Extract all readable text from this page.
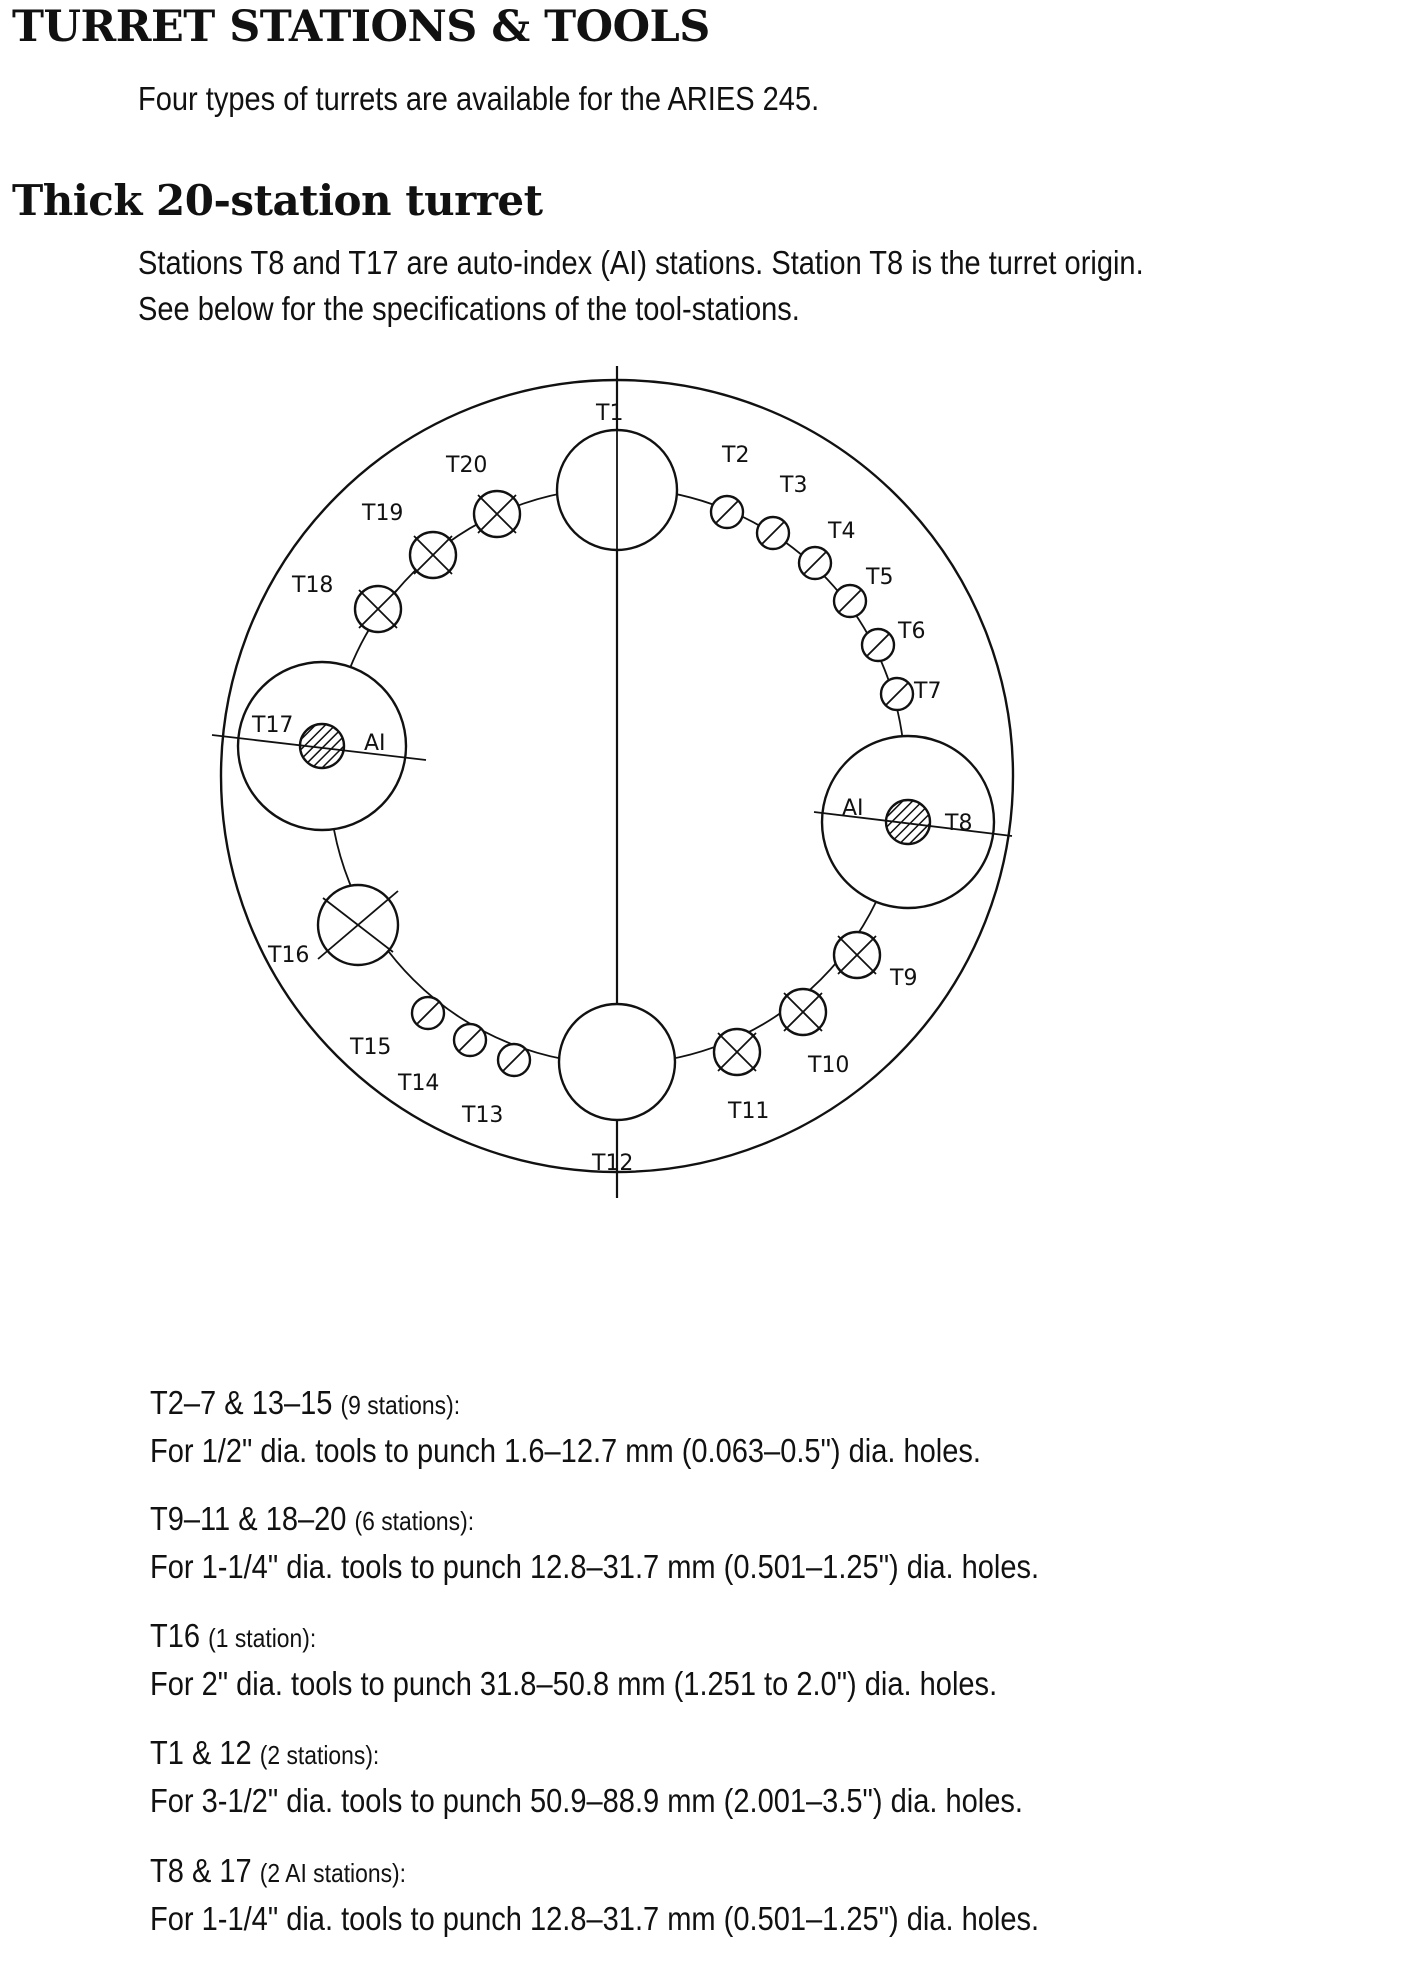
TURRET STATIONS & TOOLS
Four types of turrets are available for the ARIES 245.
Thick 20-station turret
Stations T8 and T17 are auto-index (AI) stations. Station T8 is the turret origin.
See below for the specifications of the tool-stations.
T1
T2
T3
T4
T5
T6
T7
T8
AI
T9
T10
T11
T12
T13
T14
T15
T16
T17
AI
T18
T19
T20
T2–7 & 13–15 (9 stations):
For 1/2" dia. tools to punch 1.6–12.7 mm (0.063–0.5") dia. holes.
T9–11 & 18–20 (6 stations):
For 1-1/4" dia. tools to punch 12.8–31.7 mm (0.501–1.25") dia. holes.
T16 (1 station):
For 2" dia. tools to punch 31.8–50.8 mm (1.251 to 2.0") dia. holes.
T1 & 12 (2 stations):
For 3-1/2" dia. tools to punch 50.9–88.9 mm (2.001–3.5") dia. holes.
T8 & 17 (2 AI stations):
For 1-1/4" dia. tools to punch 12.8–31.7 mm (0.501–1.25") dia. holes.
